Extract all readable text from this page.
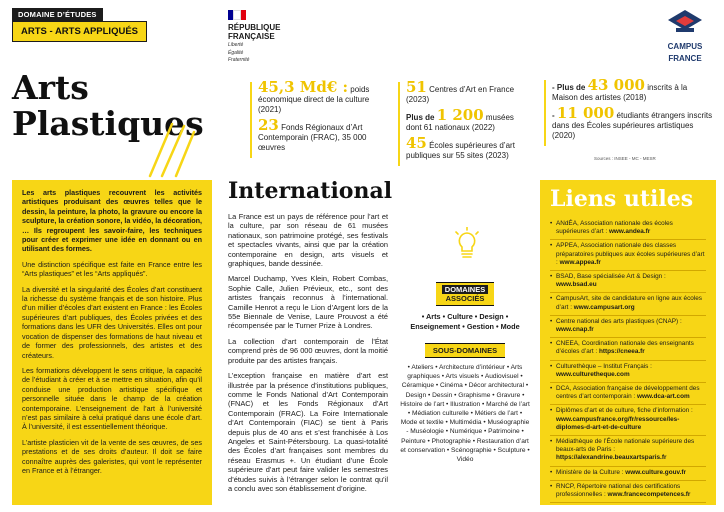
DOMAINE D’ÉTUDES
ARTS - ARTS APPLIQUÉS
Arts
Plastiques
RÉPUBLIQUE
FRANÇAISE
Liberté
Égalité
Fraternité
CAMPUS
FRANCE
45,3 Md€ : poids économique direct de la culture (2021)
23 Fonds Régionaux d’Art Contemporain (FRAC), 35 000 œuvres
51 Centres d’Art en France (2023)
Plus de 1 200 musées dont 61 nationaux (2022)
45 Écoles supérieures d’art publiques sur 55 sites (2023)
- Plus de 43 000 inscrits à la Maison des artistes (2018)
- 11 000 étudiants étrangers inscrits dans des Écoles supérieures artistiques (2020)
Sources : INSEE - MC - MESR

Les arts plastiques recouvrent les activités artistiques produisant des œuvres telles que le dessin, la peinture, la photo, la gravure ou encore la sculpture, la création sonore, la vidéo, la décoration, … Ils regroupent les savoir-faire, les techniques pour créer et exprimer une idée en donnant ou en utilisant des formes.

Une distinction spécifique est faite en France entre les “Arts plastiques” et les “Arts appliqués”.

La diversité et la singularité des Écoles d’art constituent la richesse du système français et de son histoire. Plus d’un millier d’écoles d’art existent en France : les Écoles supérieures d’art publiques, des Écoles privées et des formations dans les UFR des Universités. Elles ont pour vocation de dispenser des formations de haut niveau et de former des professionnels, des artistes et des créateurs.

Les formations développent le sens critique, la capacité de l’étudiant à créer et à se mettre en situation, afin qu’il conduise une production artistique spécifique et personnelle située dans le champ de la création contemporaine. L’enseignement de l’art à l’université n’est pas similaire à celui pratiqué dans une école d’art. À l’université, il est essentiellement théorique.

L’artiste plasticien vit de la vente de ses œuvres, de ses prestations et de ses droits d’auteur. Il doit se faire connaître auprès des galeristes, qui vont le représenter en France et à l’étranger.

International

La France est un pays de référence pour l’art et la culture, par son réseau de 61 musées nationaux, son patrimoine protégé, ses festivals et spectacles vivants, ainsi que par la création contemporaine en design, arts visuels et graphiques, bande dessinée.

Marcel Duchamp, Yves Klein, Robert Combas, Sophie Calle, Julien Prévieux, etc., sont des artistes français reconnus à l’international. Camille Henrot a reçu le Lion d’Argent lors de la 55e Biennale de Venise, Laure Prouvost a été récompensée par le Turner Prize à Londres.

La collection d’art contemporain de l’État comprend près de 96 000 œuvres, dont la moitié produite par des artistes français.

L’exception française en matière d’art est illustrée par la présence d’institutions publiques, comme le Fonds National d’Art Contemporain (FNAC) et les Fonds Régionaux d’Art Contemporain (FRAC). La Foire Internationale d’Art Contemporain (FIAC) se tient à Paris depuis plus de 40 ans et s’est franchisée à Los Angeles et Saint-Pétersbourg. La quasi-totalité des Écoles d’art françaises sont membres du réseau Erasmus +. Un étudiant d’une École supérieure d’art peut faire valider les semestres d’études suivis à l’étranger selon le contrat qu’il a conclu avec son établissement d’origine.

DOMAINES
ASSOCIÉS
• Arts • Culture • Design • Enseignement • Gestion • Mode
SOUS-DOMAINES
• Ateliers • Architecture d’intérieur • Arts graphiques • Arts visuels • Audiovisuel • Céramique • Cinéma • Décor architectural • Design • Dessin • Graphisme • Gravure • Histoire de l’art • Illustration • Marché de l’art • Médiation culturelle • Métiers de l’art • Mode et textile • Multimédia • Muséographie - Muséologie • Numérique • Patrimoine • Peinture • Photographie • Restauration d’art et conservation • Scénographie • Sculpture • Vidéo
Liens utiles
• ANdÉA, Association nationale des écoles supérieures d’art : www.andea.fr
• APPEA, Association nationale des classes préparatoires publiques aux écoles supérieures d’art : www.appea.fr
• BSAD, Base spécialisée Art & Design : www.bsad.eu
• CampusArt, site de candidature en ligne aux écoles d’art : www.campusart.org
• Centre national des arts plastiques (CNAP) : www.cnap.fr
• CNEEA, Coordination nationale des enseignants d’écoles d’art : https://cneea.fr
• Culturethèque – Institut Français : www.culturetheque.com
• DCA, Association française de développement des centres d’art contemporain : www.dca-art.com
• Diplômes d’art et de culture, fiche d’information : www.campusfrance.org/fr/ressource/les-diplomes-d-art-et-de-culture
• Médiathèque de l’École nationale supérieure des beaux-arts de Paris : https://alexandrine.beauxartsparis.fr
• Ministère de la Culture : www.culture.gouv.fr
• RNCP, Répertoire national des certifications professionnelles : www.francecompetences.fr
